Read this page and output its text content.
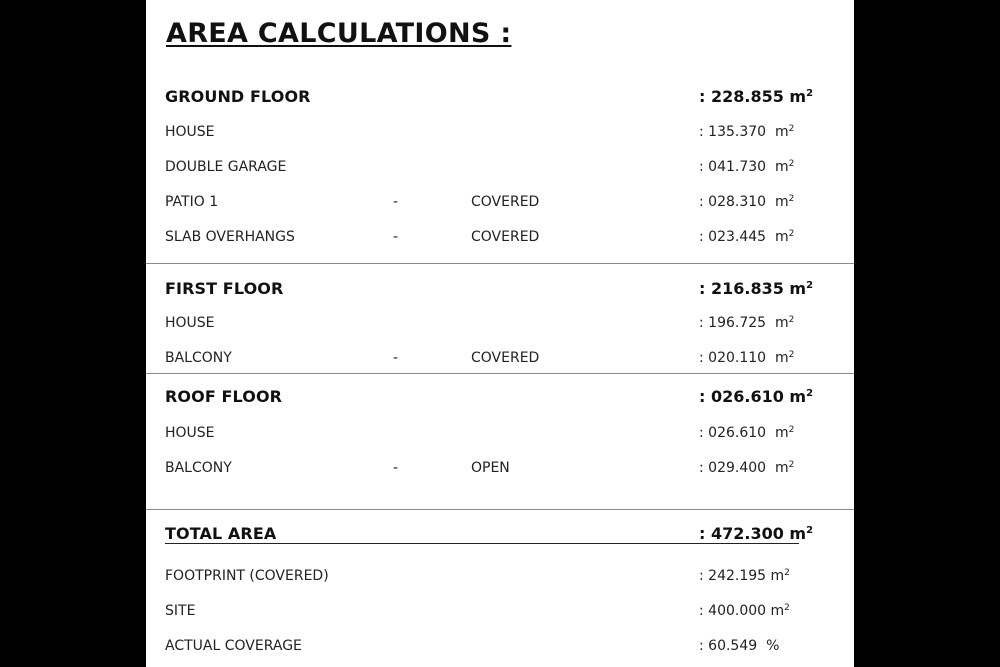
AREA CALCULATIONS :
GROUND FLOOR	: 228.855 $m^2$
HOUSE	: 135.370 $m^2$
DOUBLE GARAGE	: 041.730 $m^2$
PATIO 1	-	COVERED	: 028.310 $m^2$
SLAB OVERHANGS	-	COVERED	: 023.445 $m^2$
FIRST FLOOR	: 216.835 $m^2$
HOUSE	: 196.725 $m^2$
BALCONY	-	COVERED	: 020.110 $m^2$
ROOF FLOOR	: 026.610 $m^2$
HOUSE	: 026.610 $m^2$
BALCONY	-	OPEN	: 029.400 $m^2$
TOTAL AREA	: 472.300 $m^2$
FOOTPRINT (COVERED)	: 242.195 $m^2$
SITE	: 400.000 $m^2$
ACTUAL COVERAGE	: 60.549 %
